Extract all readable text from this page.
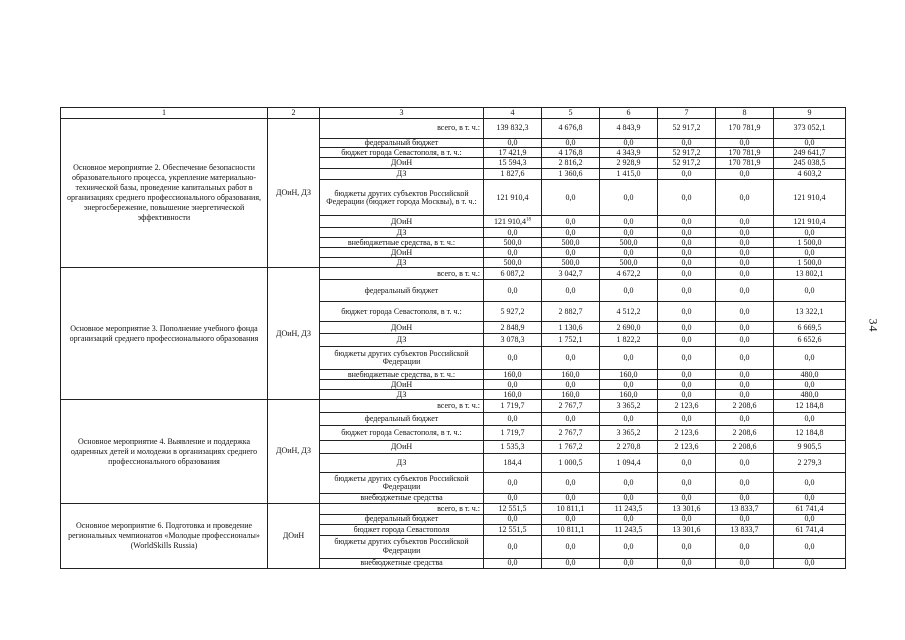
1	2	3	4	5	6	7	8	9
Основное мероприятие 2. Обеспечение безопасности образовательного процесса, укрепление материально-технической базы, проведение капитальных работ в организациях среднего профессионального образования, энергосбережение, повышение энергетической эффективности	ДОиН, ДЗ	всего, в т. ч.:	139 832,3	4 676,8	4 843,9	52 917,2	170 781,9	373 052,1
		федеральный бюджет	0,0	0,0	0,0	0,0	0,0	0,0
		бюджет города Севастополя, в т. ч.:	17 421,9	4 176,8	4 343,9	52 917,2	170 781,9	249 641,7
		ДОиН	15 594,3	2 816,2	2 928,9	52 917,2	170 781,9	245 038,5
		ДЗ	1 827,6	1 360,6	1 415,0	0,0	0,0	4 603,2
		бюджеты других субъектов Российской Федерации (бюджет города Москвы), в т. ч.:	121 910,4	0,0	0,0	0,0	0,0	121 910,4
		ДОиН	121 910,4$^{18}$	0,0	0,0	0,0	0,0	121 910,4
		ДЗ	0,0	0,0	0,0	0,0	0,0	0,0
		внебюджетные средства, в т. ч.:	500,0	500,0	500,0	0,0	0,0	1 500,0
		ДОиН	0,0	0,0	0,0	0,0	0,0	0,0
		ДЗ	500,0	500,0	500,0	0,0	0,0	1 500,0
Основное мероприятие 3. Пополнение учебного фонда организаций среднего профессионального образования	ДОиН, ДЗ	всего, в т. ч.:	6 087,2	3 042,7	4 672,2	0,0	0,0	13 802,1
		федеральный бюджет	0,0	0,0	0,0	0,0	0,0	0,0
		бюджет города Севастополя, в т. ч.:	5 927,2	2 882,7	4 512,2	0,0	0,0	13 322,1
		ДОиН	2 848,9	1 130,6	2 690,0	0,0	0,0	6 669,5
		ДЗ	3 078,3	1 752,1	1 822,2	0,0	0,0	6 652,6
		бюджеты других субъектов Российской Федерации	0,0	0,0	0,0	0,0	0,0	0,0
		внебюджетные средства, в т. ч.:	160,0	160,0	160,0	0,0	0,0	480,0
		ДОиН	0,0	0,0	0,0	0,0	0,0	0,0
		ДЗ	160,0	160,0	160,0	0,0	0,0	480,0
Основное мероприятие 4. Выявление и поддержка одаренных детей и молодежи в организациях среднего профессионального образования	ДОиН, ДЗ	всего, в т. ч.:	1 719,7	2 767,7	3 365,2	2 123,6	2 208,6	12 184,8
		федеральный бюджет	0,0	0,0	0,0	0,0	0,0	0,0
		бюджет города Севастополя, в т. ч.:	1 719,7	2 767,7	3 365,2	2 123,6	2 208,6	12 184,8
		ДОиН	1 535,3	1 767,2	2 270,8	2 123,6	2 208,6	9 905,5
		ДЗ	184,4	1 000,5	1 094,4	0,0	0,0	2 279,3
		бюджеты других субъектов Российской Федерации	0,0	0,0	0,0	0,0	0,0	0,0
		внебюджетные средства	0,0	0,0	0,0	0,0	0,0	0,0
Основное мероприятие 6. Подготовка и проведение региональных чемпионатов «Молодые профессионалы» (WorldSkills Russia)	ДОиН	всего, в т. ч.:	12 551,5	10 811,1	11 243,5	13 301,6	13 833,7	61 741,4
		федеральный бюджет	0,0	0,0	0,0	0,0	0,0	0,0
		бюджет города Севастополя	12 551,5	10 811,1	11 243,5	13 301,6	13 833,7	61 741,4
		бюджеты других субъектов Российской Федерации	0,0	0,0	0,0	0,0	0,0	0,0
		внебюджетные средства	0,0	0,0	0,0	0,0	0,0	0,0
34
